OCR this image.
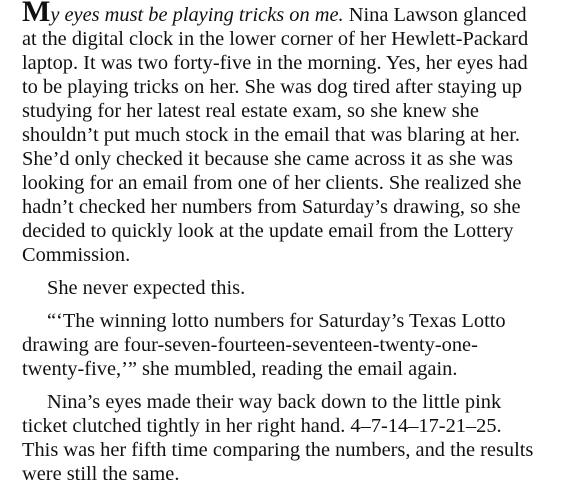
My eyes must be playing tricks on me. Nina Lawson glanced
at the digital clock in the lower corner of her Hewlett-Packard
laptop. It was two forty-five in the morning. Yes, her eyes had
to be playing tricks on her. She was dog tired after staying up
studying for her latest real estate exam, so she knew she
shouldn’t put much stock in the email that was blaring at her.
She’d only checked it because she came across it as she was
looking for an email from one of her clients. She realized she
hadn’t checked her numbers from Saturday’s drawing, so she
decided to quickly look at the update email from the Lottery
Commission.

She never expected this.

“‘The winning lotto numbers for Saturday’s Texas Lotto
drawing are four-seven-fourteen-seventeen-twenty-one-
twenty-five,’” she mumbled, reading the email again.

Nina’s eyes made their way back down to the little pink
ticket clutched tightly in her right hand. 4–7-14–17-21–25.
This was her fifth time comparing the numbers, and the results
were still the same.
